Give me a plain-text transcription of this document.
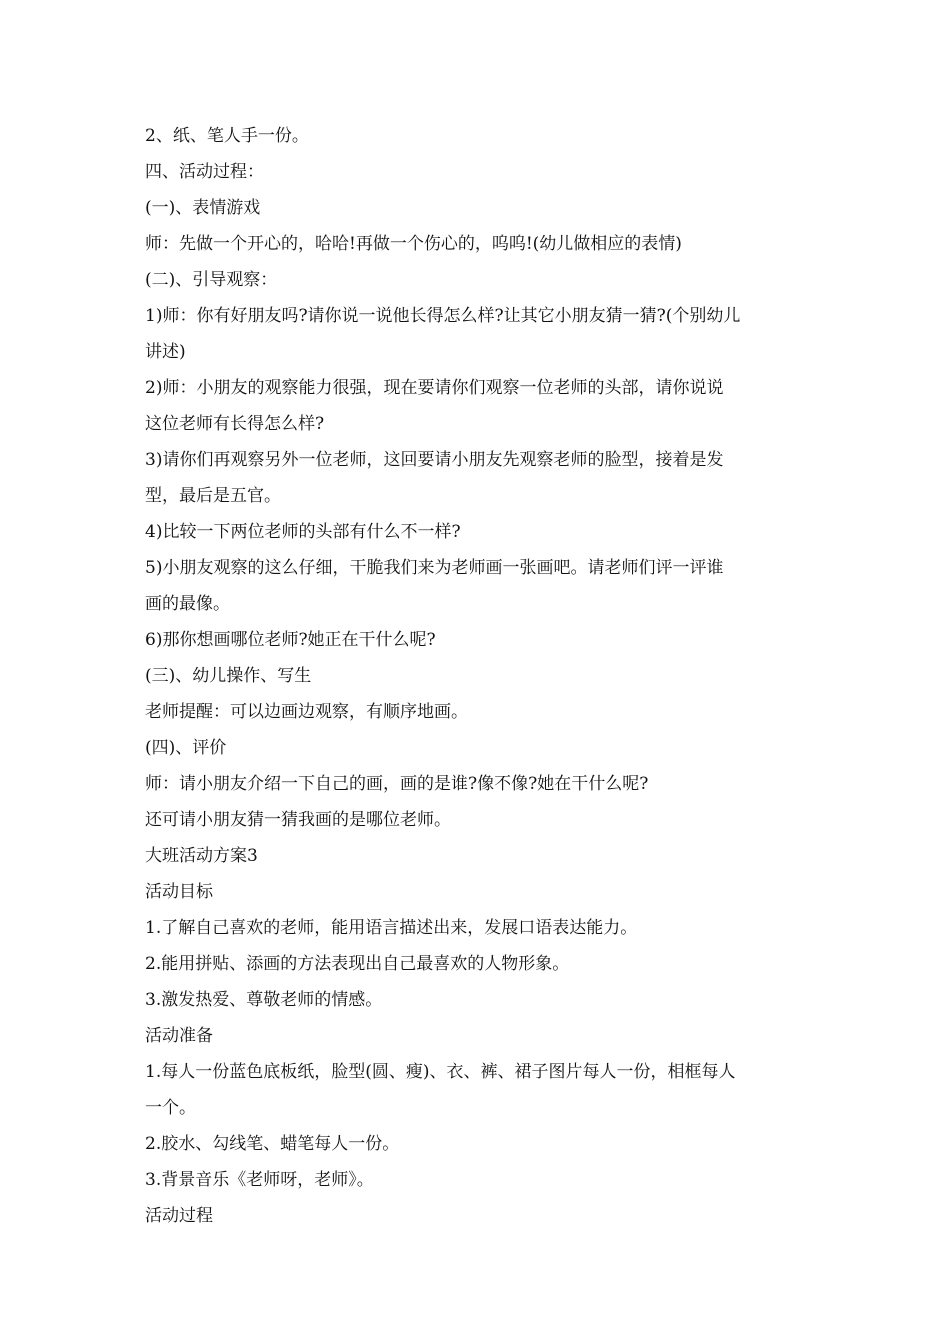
2、纸、笔人手一份。
四、活动过程：
(一)、表情游戏
师：先做一个开心的，哈哈!再做一个伤心的，呜呜!(幼儿做相应的表情)
(二)、引导观察：
1)师：你有好朋友吗?请你说一说他长得怎么样?让其它小朋友猜一猜?(个别幼儿
讲述)
2)师：小朋友的观察能力很强，现在要请你们观察一位老师的头部，请你说说
这位老师有长得怎么样?
3)请你们再观察另外一位老师，这回要请小朋友先观察老师的脸型，接着是发
型，最后是五官。
4)比较一下两位老师的头部有什么不一样?
5)小朋友观察的这么仔细，干脆我们来为老师画一张画吧。请老师们评一评谁
画的最像。
6)那你想画哪位老师?她正在干什么呢?
(三)、幼儿操作、写生
老师提醒：可以边画边观察，有顺序地画。
(四)、评价
师：请小朋友介绍一下自己的画，画的是谁?像不像?她在干什么呢?
还可请小朋友猜一猜我画的是哪位老师。
大班活动方案3
活动目标
1.了解自己喜欢的老师，能用语言描述出来，发展口语表达能力。
2.能用拼贴、添画的方法表现出自己最喜欢的人物形象。
3.激发热爱、尊敬老师的情感。
活动准备
1.每人一份蓝色底板纸，脸型(圆、瘦)、衣、裤、裙子图片每人一份，相框每人
一个。
2.胶水、勾线笔、蜡笔每人一份。
3.背景音乐《老师呀，老师》。
活动过程
